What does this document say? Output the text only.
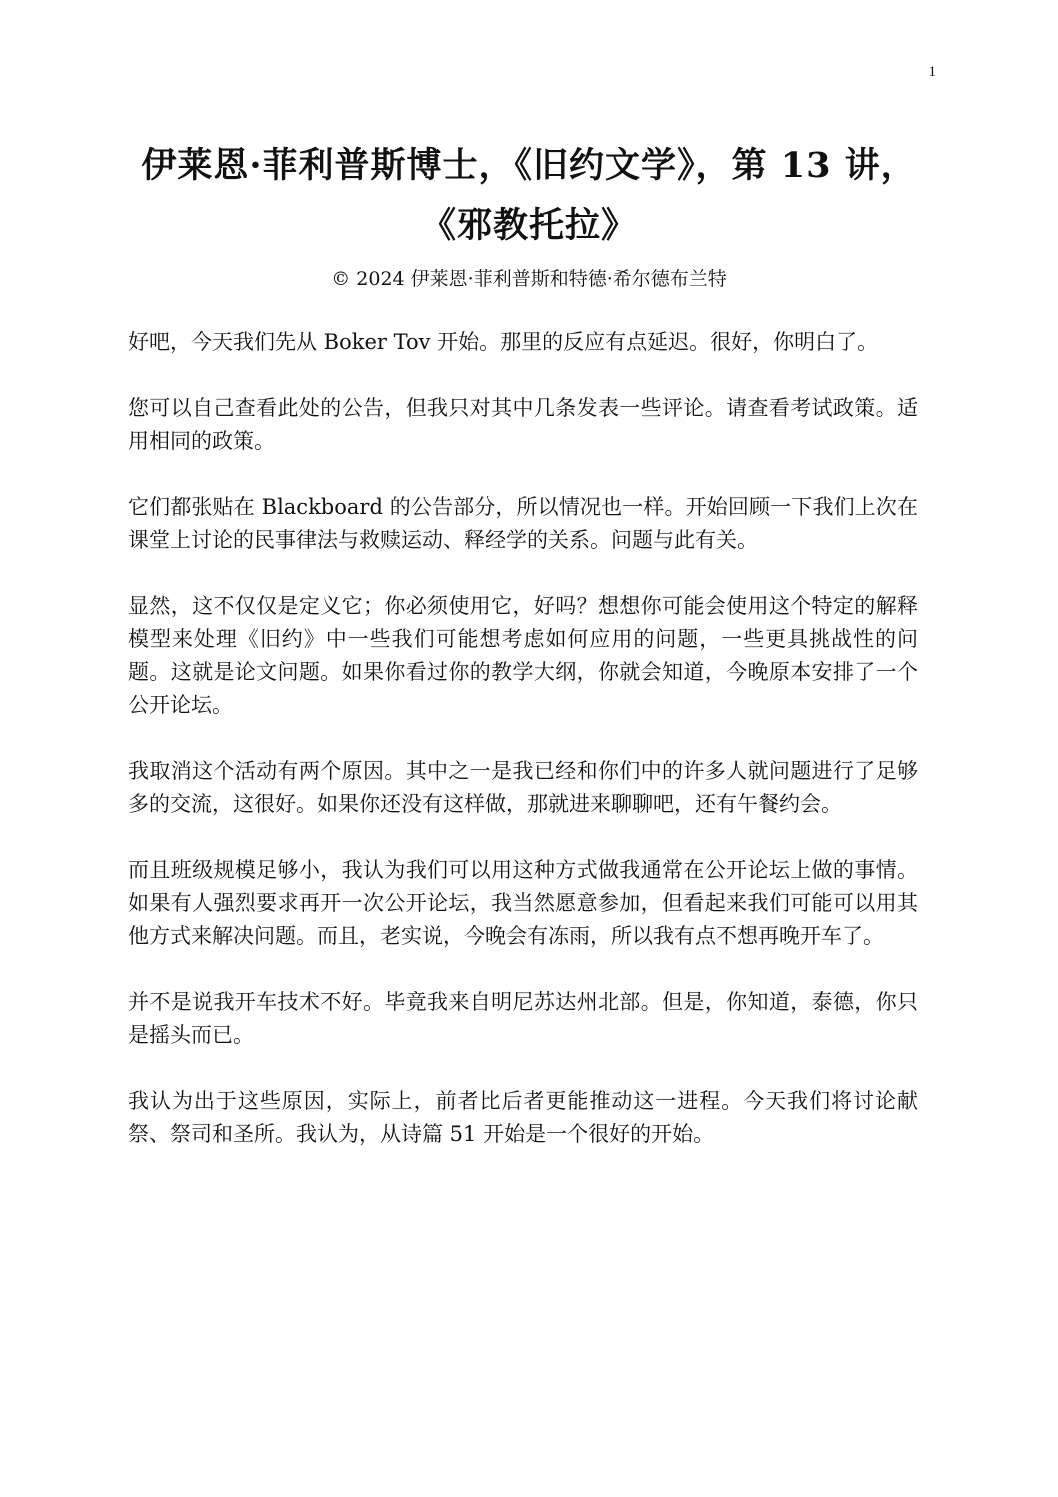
1
伊莱恩·菲利普斯博士，《旧约文学》，第 13 讲，《邪教托拉》
© 2024 伊莱恩·菲利普斯和特德·希尔德布兰特

好吧，今天我们先从 Boker Tov 开始。那里的反应有点延迟。很好，你明白了。

您可以自己查看此处的公告，但我只对其中几条发表一些评论。请查看考试政策。适用相同的政策。

它们都张贴在 Blackboard 的公告部分，所以情况也一样。开始回顾一下我们上次在课堂上讨论的民事律法与救赎运动、释经学的关系。问题与此有关。

显然，这不仅仅是定义它；你必须使用它，好吗？想想你可能会使用这个特定的解释模型来处理《旧约》中一些我们可能想考虑如何应用的问题，一些更具挑战性的问题。这就是论文问题。如果你看过你的教学大纲，你就会知道，今晚原本安排了一个公开论坛。

我取消这个活动有两个原因。其中之一是我已经和你们中的许多人就问题进行了足够多的交流，这很好。如果你还没有这样做，那就进来聊聊吧，还有午餐约会。

而且班级规模足够小，我认为我们可以用这种方式做我通常在公开论坛上做的事情。如果有人强烈要求再开一次公开论坛，我当然愿意参加，但看起来我们可能可以用其他方式来解决问题。而且，老实说，今晚会有冻雨，所以我有点不想再晚开车了。

并不是说我开车技术不好。毕竟我来自明尼苏达州北部。但是，你知道，泰德，你只是摇头而已。

我认为出于这些原因，实际上，前者比后者更能推动这一进程。今天我们将讨论献祭、祭司和圣所。我认为，从诗篇 51 开始是一个很好的开始。
